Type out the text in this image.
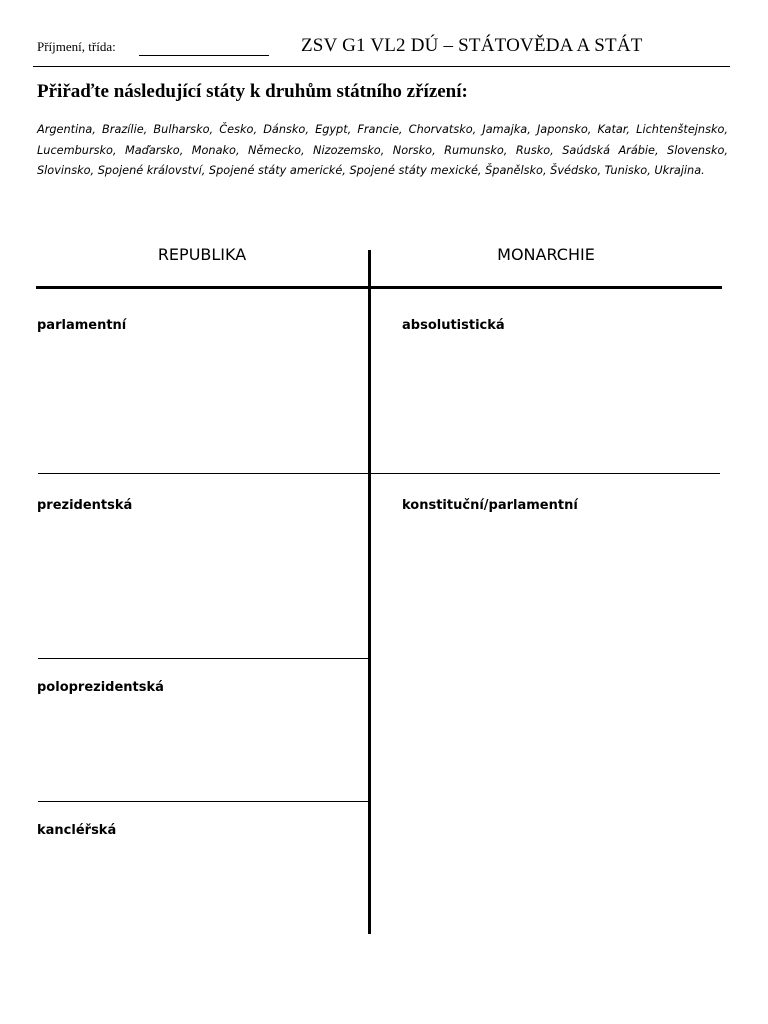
Příjmení, třída:	ZSV G1 VL2 DÚ – STÁTOVĚDA A STÁT
Přiřaďte následující státy k druhům státního zřízení:
Argentina, Brazílie, Bulharsko, Česko, Dánsko, Egypt, Francie, Chorvatsko, Jamajka, Japonsko, Katar, Lichtenštejnsko, Lucembursko, Maďarsko, Monako, Německo, Nizozemsko, Norsko, Rumunsko, Rusko, Saúdská Arábie, Slovensko, Slovinsko, Spojené království, Spojené státy americké, Spojené státy mexické, Španělsko, Švédsko, Tunisko, Ukrajina.
REPUBLIKA	MONARCHIE
parlamentní
prezidentská
poloprezidentská
kancléřská
absolutistická
konstituční/parlamentní
